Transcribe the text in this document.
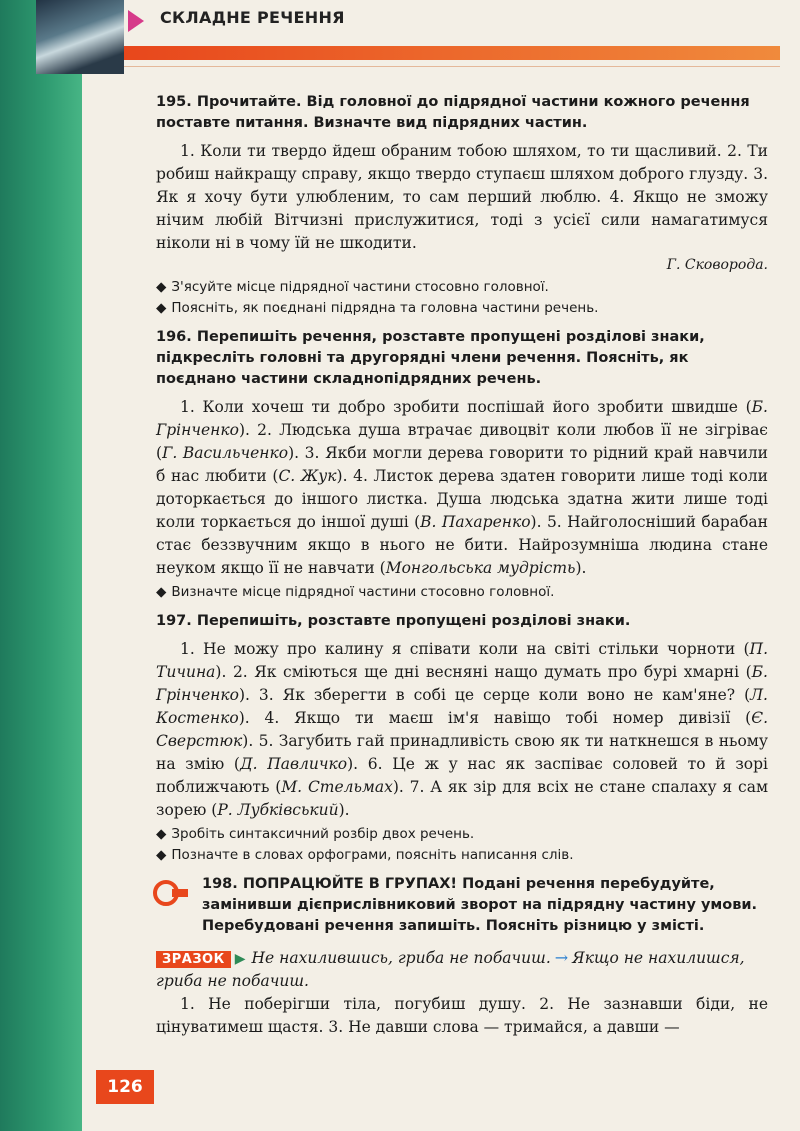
СКЛАДНЕ РЕЧЕННЯ

195. Прочитайте. Від головної до підрядної частини кожного речення поставте питання. Визначте вид підрядних частин.

1. Коли ти твердо йдеш обраним тобою шляхом, то ти щасливий. 2. Ти робиш найкращу справу, якщо твердо ступаєш шляхом доброго глузду. 3. Як я хочу бути улюбленим, то сам перший люблю. 4. Якщо не зможу нічим любій Вітчизні прислужитися, тоді з усієї сили намагатимуся ніколи ні в чому їй не шкодити.

Г. Сковорода.

◆ З'ясуйте місце підрядної частини стосовно головної.

◆ Поясніть, як поєднані підрядна та головна частини речень.

196. Перепишіть речення, розставте пропущені розділові знаки, підкресліть головні та другорядні члени речення. Поясніть, як поєднано частини складнопідрядних речень.

1. Коли хочеш ти добро зробити поспішай його зробити швидше (Б. Грінченко). 2. Людська душа втрачає дивоцвіт коли любов її не зігріває (Г. Васильченко). 3. Якби могли дерева говорити то рідний край навчили б нас любити (С. Жук). 4. Листок дерева здатен говорити лише тоді коли доторкається до іншого листка. Душа людська здатна жити лише тоді коли торкається до іншої душі (В. Пахаренко). 5. Найголосніший барабан стає беззвучним якщо в нього не бити. Найрозумніша людина стане неуком якщо її не навчати (Монгольська мудрість).

◆ Визначте місце підрядної частини стосовно головної.

197. Перепишіть, розставте пропущені розділові знаки.

1. Не можу про калину я співати коли на світі стільки чорноти (П. Тичина). 2. Як сміються ще дні весняні нащо думать про бурі хмарні (Б. Грінченко). 3. Як зберегти в собі це серце коли воно не кам'яне? (Л. Костенко). 4. Якщо ти маєш ім'я навіщо тобі номер дивізії (Є. Сверстюк). 5. Загубить гай принадливість свою як ти наткнешся в ньому на змію (Д. Павличко). 6. Це ж у нас як заспіває соловей то й зорі поближчають (М. Стельмах). 7. А як зір для всіх не стане спалаху я сам зорею (Р. Лубківський).

◆ Зробіть синтаксичний розбір двох речень.

◆ Позначте в словах орфограми, поясніть написання слів.

198. ПОПРАЦЮЙТЕ В ГРУПАХ! Подані речення перебудуйте, замінивши дієприслівниковий зворот на підрядну частину умови. Перебудовані речення запишіть. Поясніть різницю у змісті.

ЗРАЗОК ▶ Не нахилившись, гриба не побачиш. → Якщо не нахилишся, гриба не побачиш.

1. Не поберігши тіла, погубиш душу. 2. Не зазнавши біди, не цінуватимеш щастя. 3. Не давши слова — тримайся, а давши —

126
